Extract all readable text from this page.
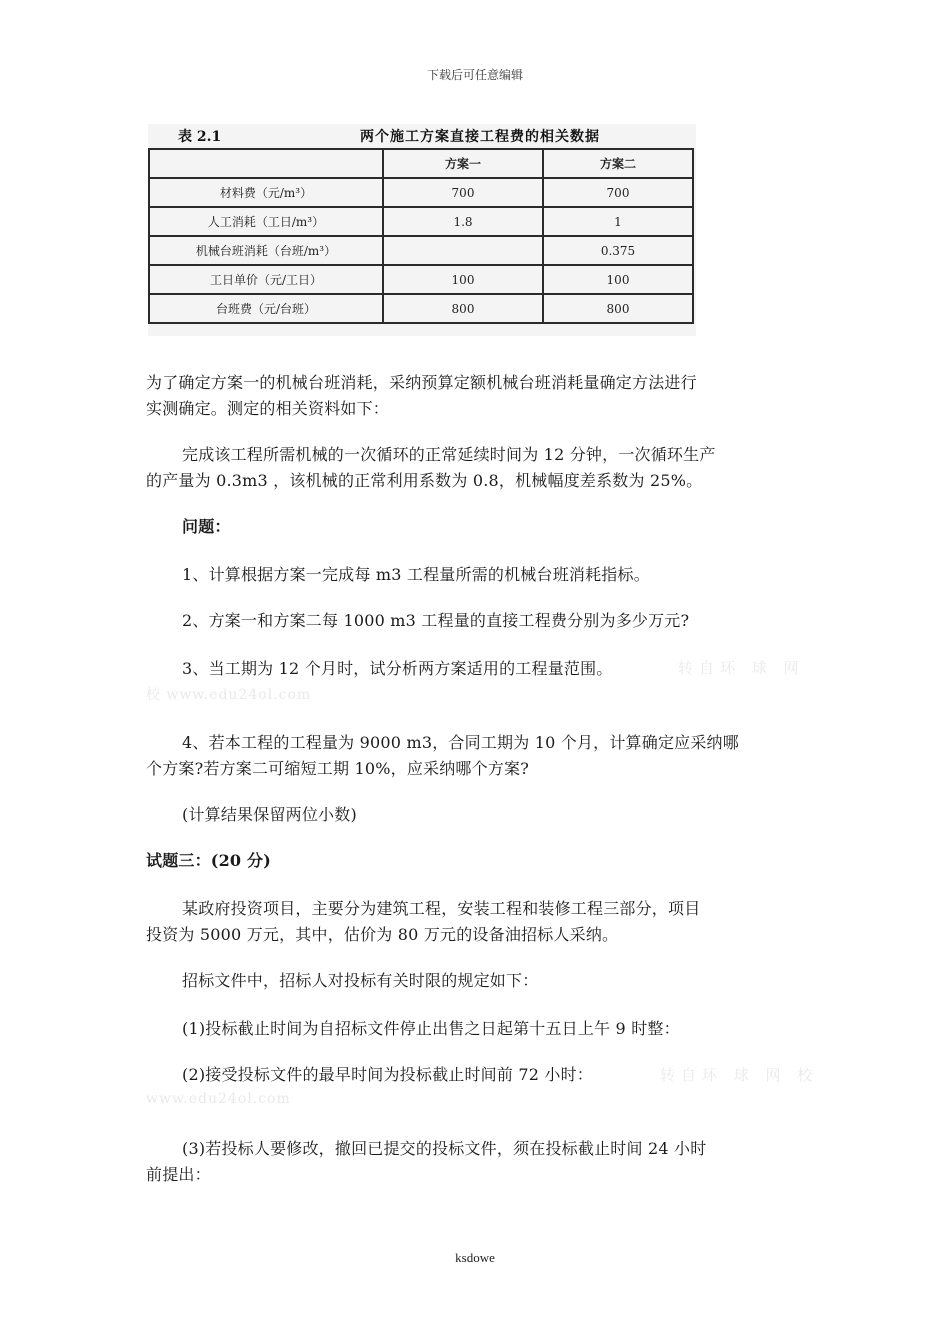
下载后可任意编辑
表 2.1	两个施工方案直接工程费的相关数据
	方案一	方案二
材料费（元/m³）	700	700
人工消耗（工日/m³）	1.8	1
机械台班消耗（台班/m³）		0.375
工日单价（元/工日）	100	100
台班费（元/台班）	800	800
为了确定方案一的机械台班消耗，采纳预算定额机械台班消耗量确定方法进行
实测确定。测定的相关资料如下：
完成该工程所需机械的一次循环的正常延续时间为 12 分钟，一次循环生产
的产量为 0.3m3 ，该机械的正常利用系数为 0.8，机械幅度差系数为 25%。
问题：
1、计算根据方案一完成每 m3 工程量所需的机械台班消耗指标。
2、方案一和方案二每 1000 m3 工程量的直接工程费分别为多少万元?
3、当工期为 12 个月时，试分析两方案适用的工程量范围。	转自环 球 网
校 www.edu24ol.com
4、若本工程的工程量为 9000 m3，合同工期为 10 个月，计算确定应采纳哪
个方案?若方案二可缩短工期 10%，应采纳哪个方案?
(计算结果保留两位小数)
试题三：(20 分)
某政府投资项目，主要分为建筑工程，安装工程和装修工程三部分，项目
投资为 5000 万元，其中，估价为 80 万元的设备油招标人采纳。
招标文件中，招标人对投标有关时限的规定如下：
(1)投标截止时间为自招标文件停止出售之日起第十五日上午 9 时整：
(2)接受投标文件的最早时间为投标截止时间前 72 小时：	转自环 球 网 校
www.edu24ol.com
(3)若投标人要修改，撤回已提交的投标文件，须在投标截止时间 24 小时
前提出：
ksdowe
